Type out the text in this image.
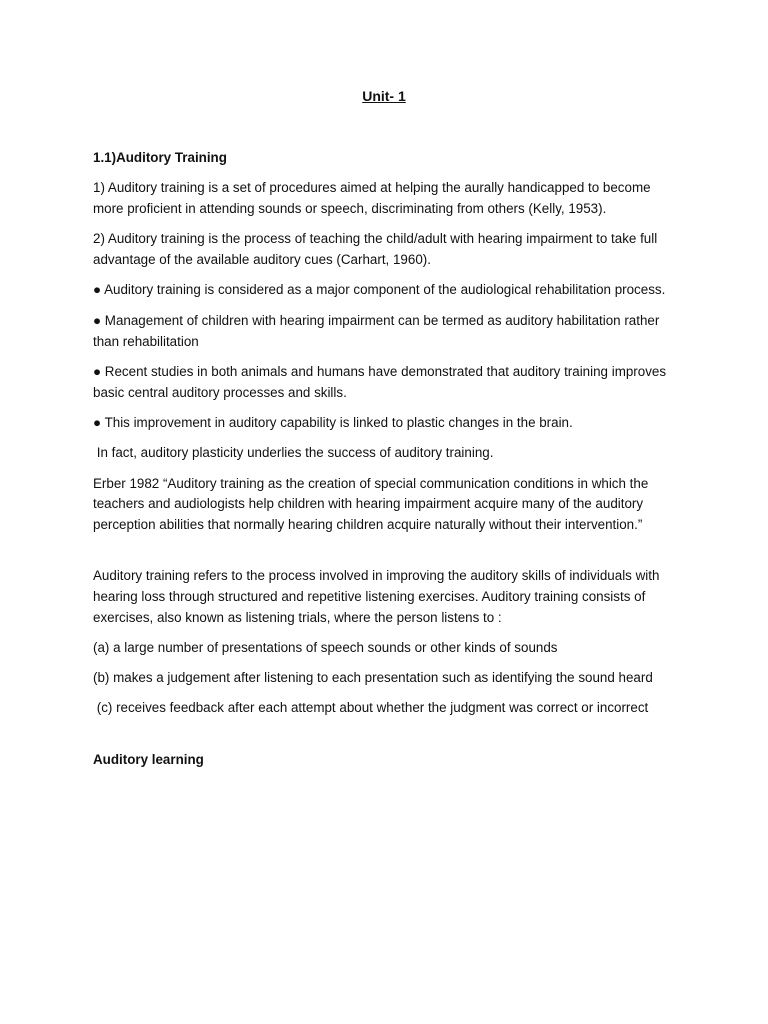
Unit- 1

1.1)Auditory Training

1) Auditory training is a set of procedures aimed at helping the aurally handicapped to become more proficient in attending sounds or speech, discriminating from others (Kelly, 1953).

2) Auditory training is the process of teaching the child/adult with hearing impairment to take full advantage of the available auditory cues (Carhart, 1960).

● Auditory training is considered as a major component of the audiological rehabilitation process.

● Management of children with hearing impairment can be termed as auditory habilitation rather than rehabilitation

● Recent studies in both animals and humans have demonstrated that auditory training improves basic central auditory processes and skills.

● This improvement in auditory capability is linked to plastic changes in the brain.

In fact, auditory plasticity underlies the success of auditory training.

Erber 1982 “Auditory training as the creation of special communication conditions in which the teachers and audiologists help children with hearing impairment acquire many of the auditory perception abilities that normally hearing children acquire naturally without their intervention.”

Auditory training refers to the process involved in improving the auditory skills of individuals with hearing loss through structured and repetitive listening exercises. Auditory training consists of exercises, also known as listening trials, where the person listens to :

(a) a large number of presentations of speech sounds or other kinds of sounds

(b) makes a judgement after listening to each presentation such as identifying the sound heard

(c) receives feedback after each attempt about whether the judgment was correct or incorrect

Auditory learning
